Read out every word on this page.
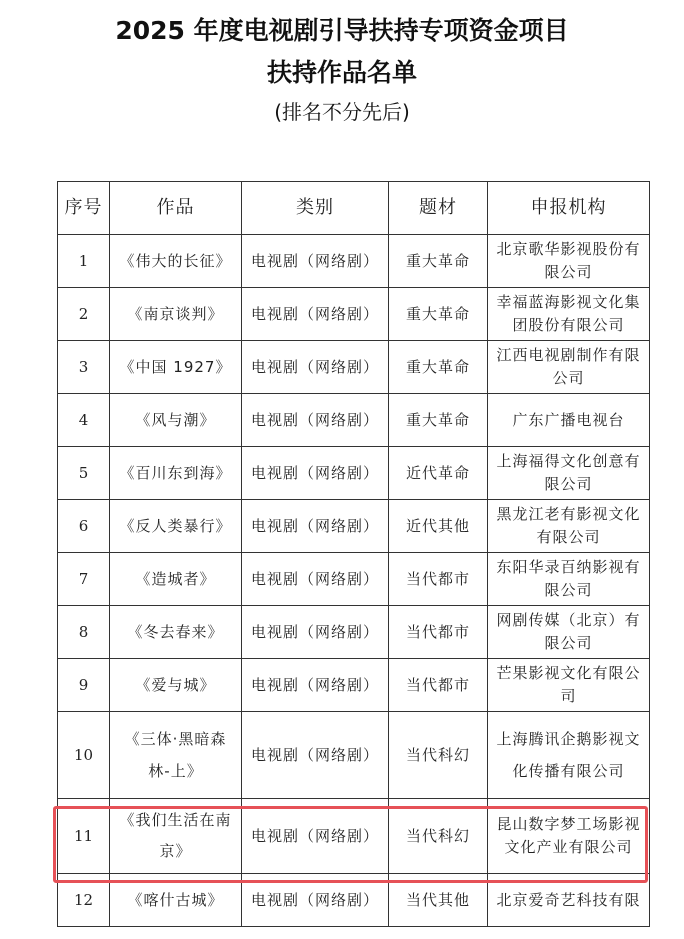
2025 年度电视剧引导扶持专项资金项目
扶持作品名单
(排名不分先后)
序号	作品	类别	题材	申报机构
1	《伟大的长征》	电视剧（网络剧）	重大革命	北京歌华影视股份有限公司
2	《南京谈判》	电视剧（网络剧）	重大革命	幸福蓝海影视文化集团股份有限公司
3	《中国 1927》	电视剧（网络剧）	重大革命	江西电视剧制作有限公司
4	《风与潮》	电视剧（网络剧）	重大革命	广东广播电视台
5	《百川东到海》	电视剧（网络剧）	近代革命	上海福得文化创意有限公司
6	《反人类暴行》	电视剧（网络剧）	近代其他	黑龙江老有影视文化有限公司
7	《造城者》	电视剧（网络剧）	当代都市	东阳华录百纳影视有限公司
8	《冬去春来》	电视剧（网络剧）	当代都市	网剧传媒（北京）有限公司
9	《爱与城》	电视剧（网络剧）	当代都市	芒果影视文化有限公司
10	《三体·黑暗森林-上》	电视剧（网络剧）	当代科幻	上海腾讯企鹅影视文化传播有限公司
11	《我们生活在南京》	电视剧（网络剧）	当代科幻	昆山数字梦工场影视文化产业有限公司
12	《喀什古城》	电视剧（网络剧）	当代其他	北京爱奇艺科技有限
